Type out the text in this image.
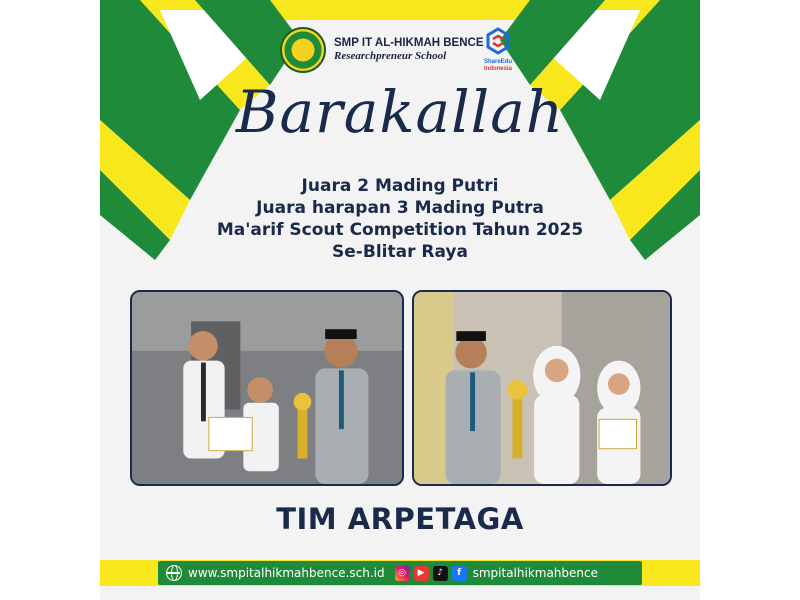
SMP IT AL-HIKMAH BENCE
Researchpreneur School	ShareEdu
Indonesia
Barakallah
Juara 2 Mading Putri
Juara harapan 3 Mading Putra
Ma'arif Scout Competition Tahun 2025
Se-Blitar Raya
TIM ARPETAGA
www.smpitalhikmahbence.sch.id	◎	▶	♪	f smpitalhikmahbence
